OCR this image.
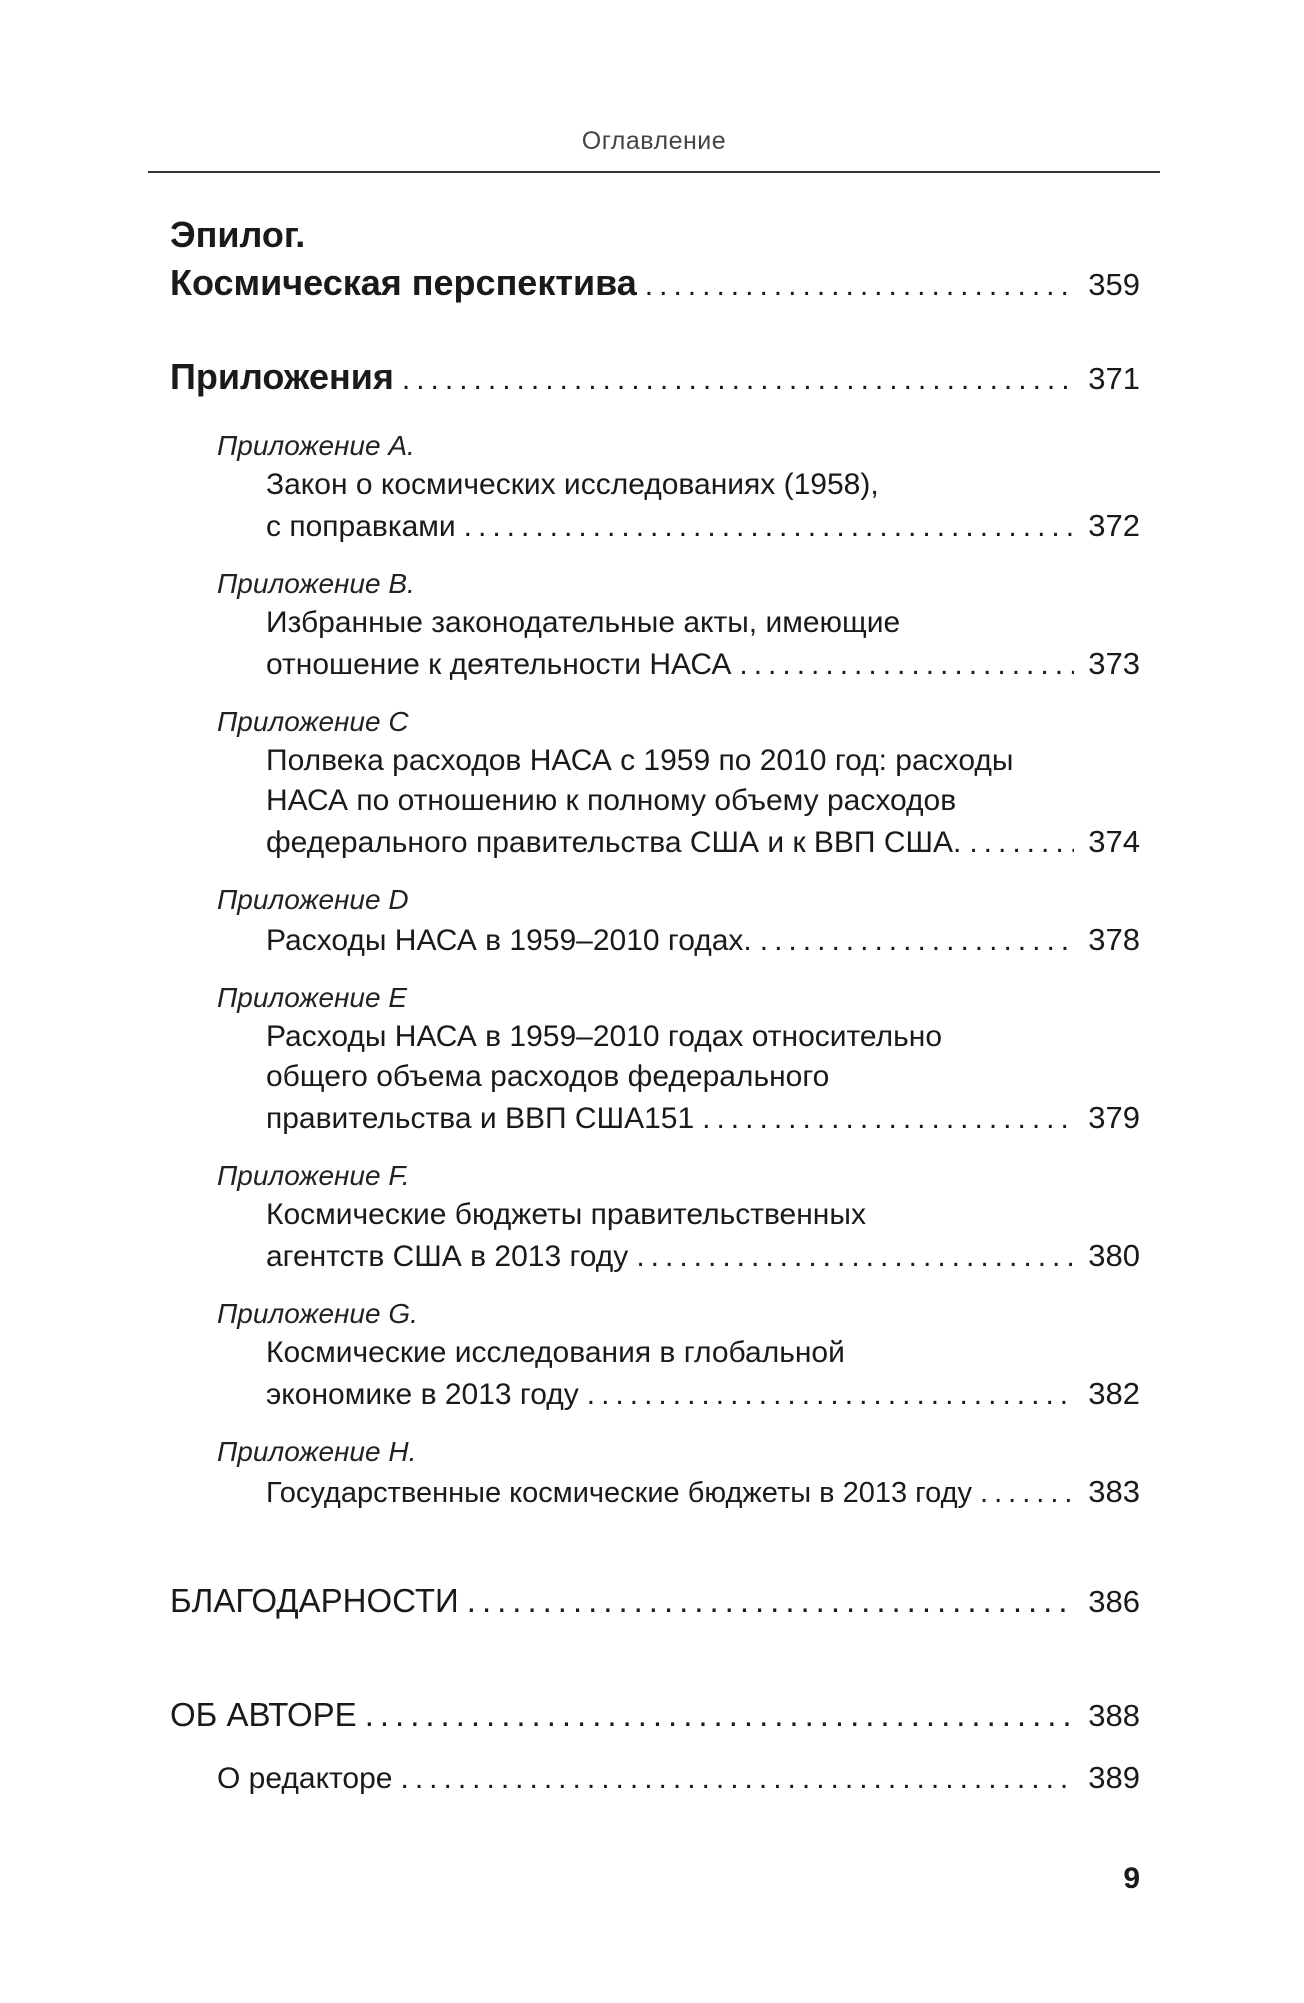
Оглавление
Эпилог.
Космическая перспектива .....	359
Приложения .....	371
Приложение A.
Закон о космических исследованиях (1958),
с поправками .....	372
Приложение B.
Избранные законодательные акты, имеющие
отношение к деятельности НАСА .....	373
Приложение C
Полвека расходов НАСА с 1959 по 2010 год: расходы
НАСА по отношению к полному объему расходов
федерального правительства США и к ВВП США. .....	374
Приложение D
Расходы НАСА в 1959–2010 годах. .....	378
Приложение E
Расходы НАСА в 1959–2010 годах относительно
общего объема расходов федерального
правительства и ВВП США151 .....	379
Приложение F.
Космические бюджеты правительственных
агентств США в 2013 году .....	380
Приложение G.
Космические исследования в глобальной
экономике в 2013 году .....	382
Приложение H.
Государственные космические бюджеты в 2013 году .....	383
БЛАГОДАРНОСТИ .....	386
ОБ АВТОРЕ .....	388
О редакторе .....	389
9
